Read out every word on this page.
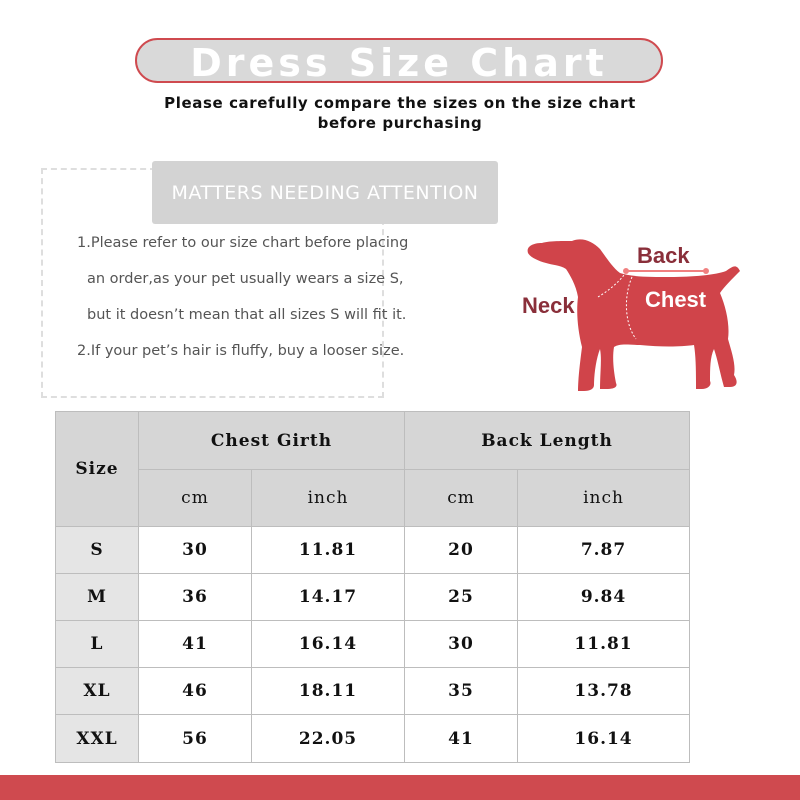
Dress Size Chart
Please carefully compare the sizes on the size chart
before purchasing
MATTERS NEEDING ATTENTION
1.Please refer to our size chart before placing
an order,as your pet usually wears a size S,
but it doesn’t mean that all sizes S will fit it.
2.If your pet’s hair is fluffy, buy a looser size.
Back
Neck	Chest
Size	Chest Girth		Back Length	
	cm	inch	cm	inch
S	30	11.81	20	7.87
M	36	14.17	25	9.84
L	41	16.14	30	11.81
XL	46	18.11	35	13.78
XXL	56	22.05	41	16.14
